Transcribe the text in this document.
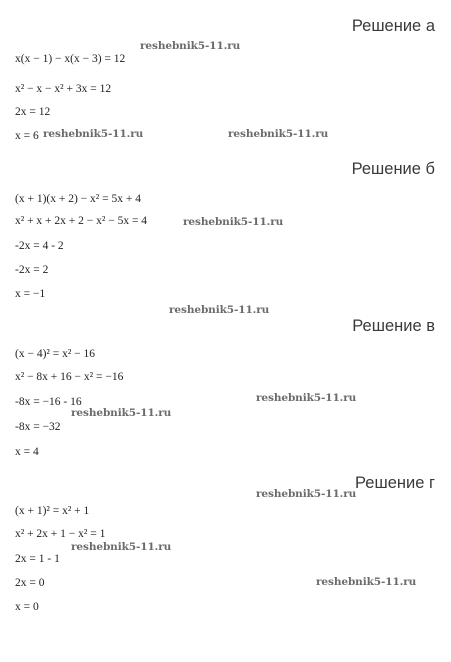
Решение а
x(x − 1) − x(x − 3) = 12
x² − x − x² + 3x = 12
2x = 12
x = 6
Решение б
(x + 1)(x + 2) − x² = 5x + 4
x² + x + 2x + 2 − x² − 5x = 4
-2x = 4 - 2
-2x = 2
x = −1
Решение в
(x − 4)² = x² − 16
x² − 8x + 16 − x² = −16
-8x = −16 - 16
-8x = −32
x = 4
Решение г
(x + 1)² = x² + 1
x² + 2x + 1 − x² = 1
2x = 1 - 1
2x = 0
x = 0
reshebnik5-11.ru
reshebnik5-11.ru	reshebnik5-11.ru
reshebnik5-11.ru
reshebnik5-11.ru
reshebnik5-11.ru
reshebnik5-11.ru
reshebnik5-11.ru
reshebnik5-11.ru
reshebnik5-11.ru
